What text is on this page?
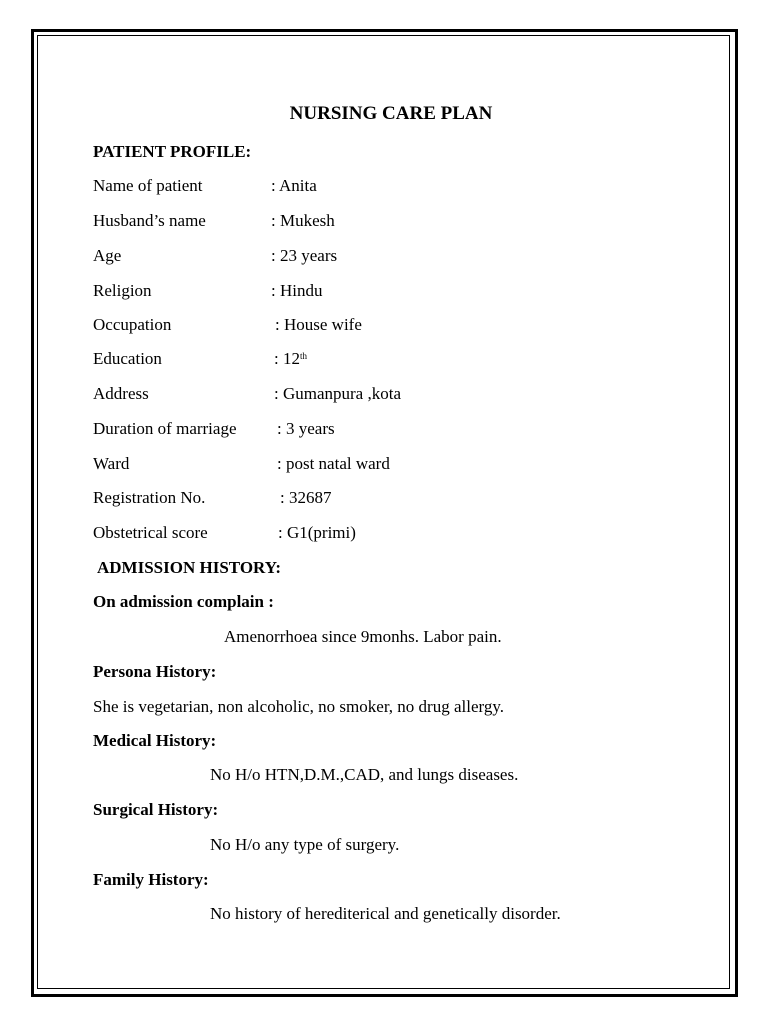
NURSING CARE PLAN
PATIENT PROFILE:
Name of patient	: Anita
Husband’s name	: Mukesh
Age	: 23 years
Religion	: Hindu
Occupation	: House wife
Education	: 12th
Address	: Gumanpura ,kota
Duration of marriage : 3 years
Ward	: post natal ward
Registration No.	: 32687
Obstetrical score	: G1(primi)
ADMISSION HISTORY:
On admission complain :
Amenorrhoea since 9monhs. Labor pain.
Persona History:
She is vegetarian, non alcoholic, no smoker, no drug allergy.
Medical History:
No H/o HTN,D.M.,CAD, and lungs diseases.
Surgical History:
No H/o any type of surgery.
Family History:
No history of herediterical and genetically disorder.
